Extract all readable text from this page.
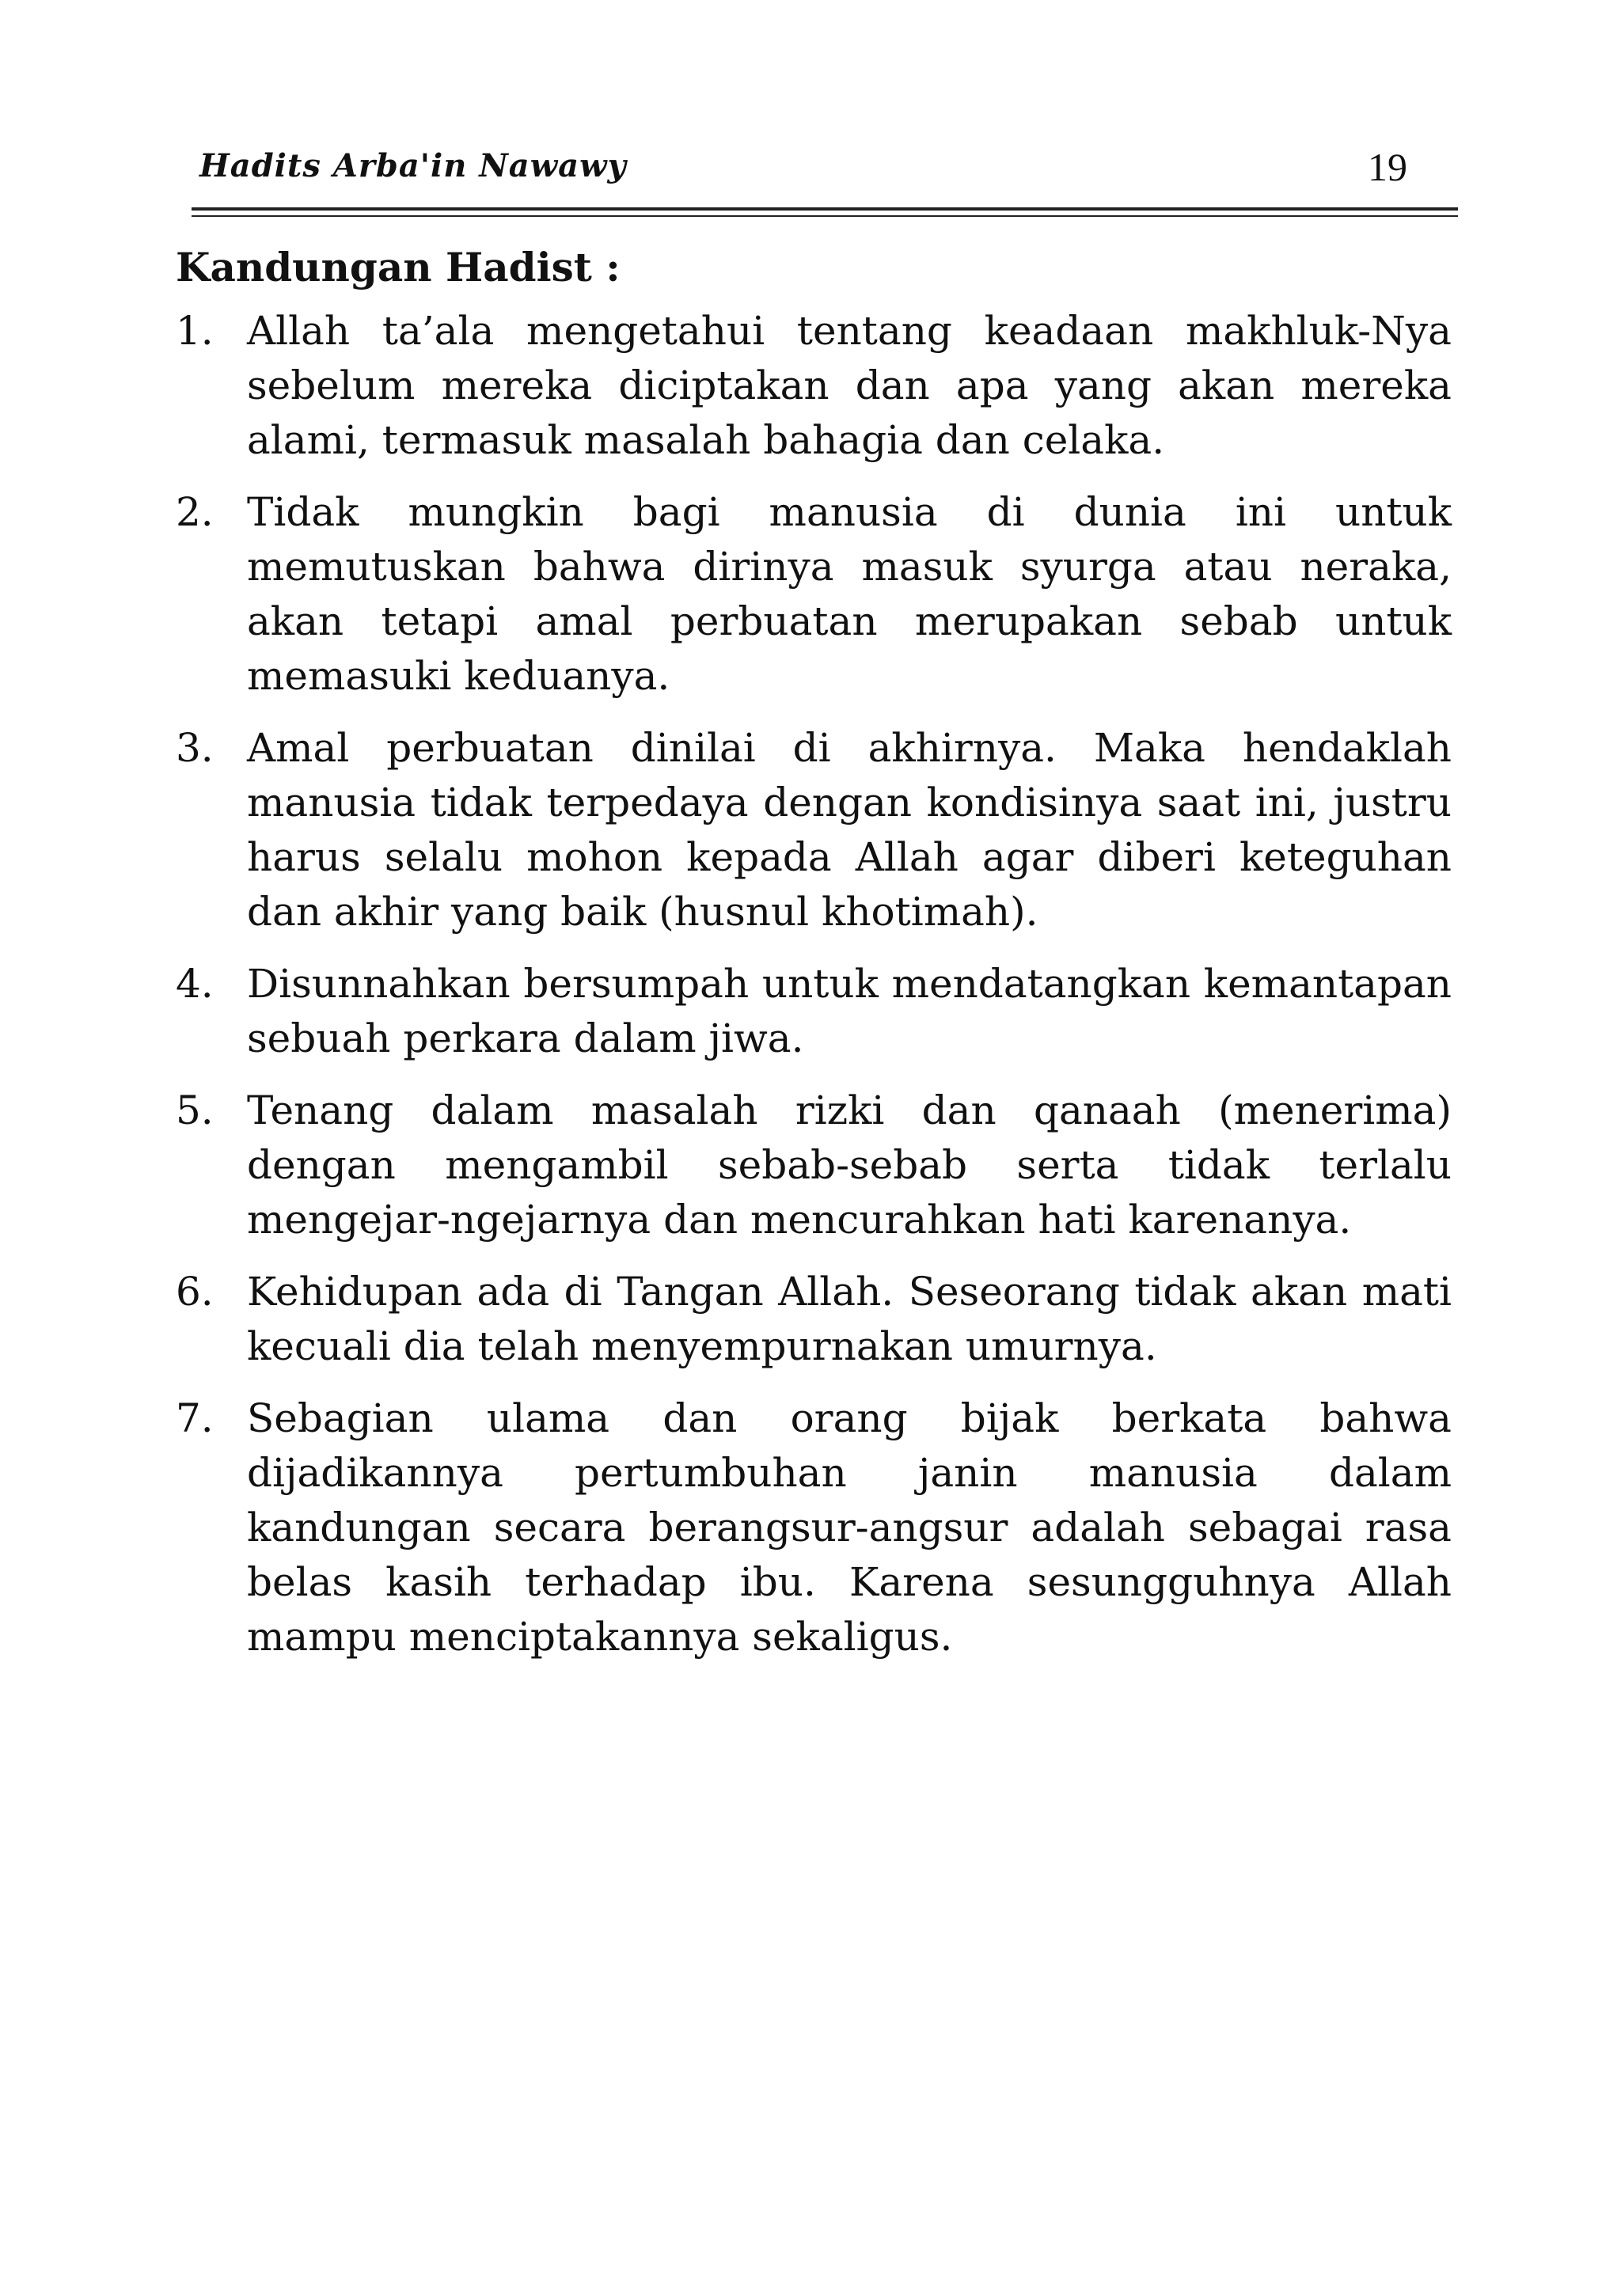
Hadits Arba'in Nawawy	19
Kandungan Hadist :
1. Allah ta’ala mengetahui tentang keadaan makhluk-Nya sebelum mereka diciptakan dan apa yang akan mereka alami, termasuk masalah bahagia dan celaka.
2. Tidak mungkin bagi manusia di dunia ini untuk memutuskan bahwa dirinya masuk syurga atau neraka, akan tetapi amal perbuatan merupakan sebab untuk memasuki keduanya.
3. Amal perbuatan dinilai di akhirnya. Maka hendaklah manusia tidak terpedaya dengan kondisinya saat ini, justru harus selalu mohon kepada Allah agar diberi keteguhan dan akhir yang baik (husnul khotimah).
4. Disunnahkan bersumpah untuk mendatangkan kemantapan sebuah perkara dalam jiwa.
5. Tenang dalam masalah rizki dan qanaah (menerima) dengan mengambil sebab-sebab serta tidak terlalu mengejar-ngejarnya dan mencurahkan hati karenanya.
6. Kehidupan ada di Tangan Allah. Seseorang tidak akan mati kecuali dia telah menyempurnakan umurnya.
7. Sebagian ulama dan orang bijak berkata bahwa dijadikannya pertumbuhan janin manusia dalam kandungan secara berangsur-angsur adalah sebagai rasa belas kasih terhadap ibu. Karena sesungguhnya Allah mampu menciptakannya sekaligus.
